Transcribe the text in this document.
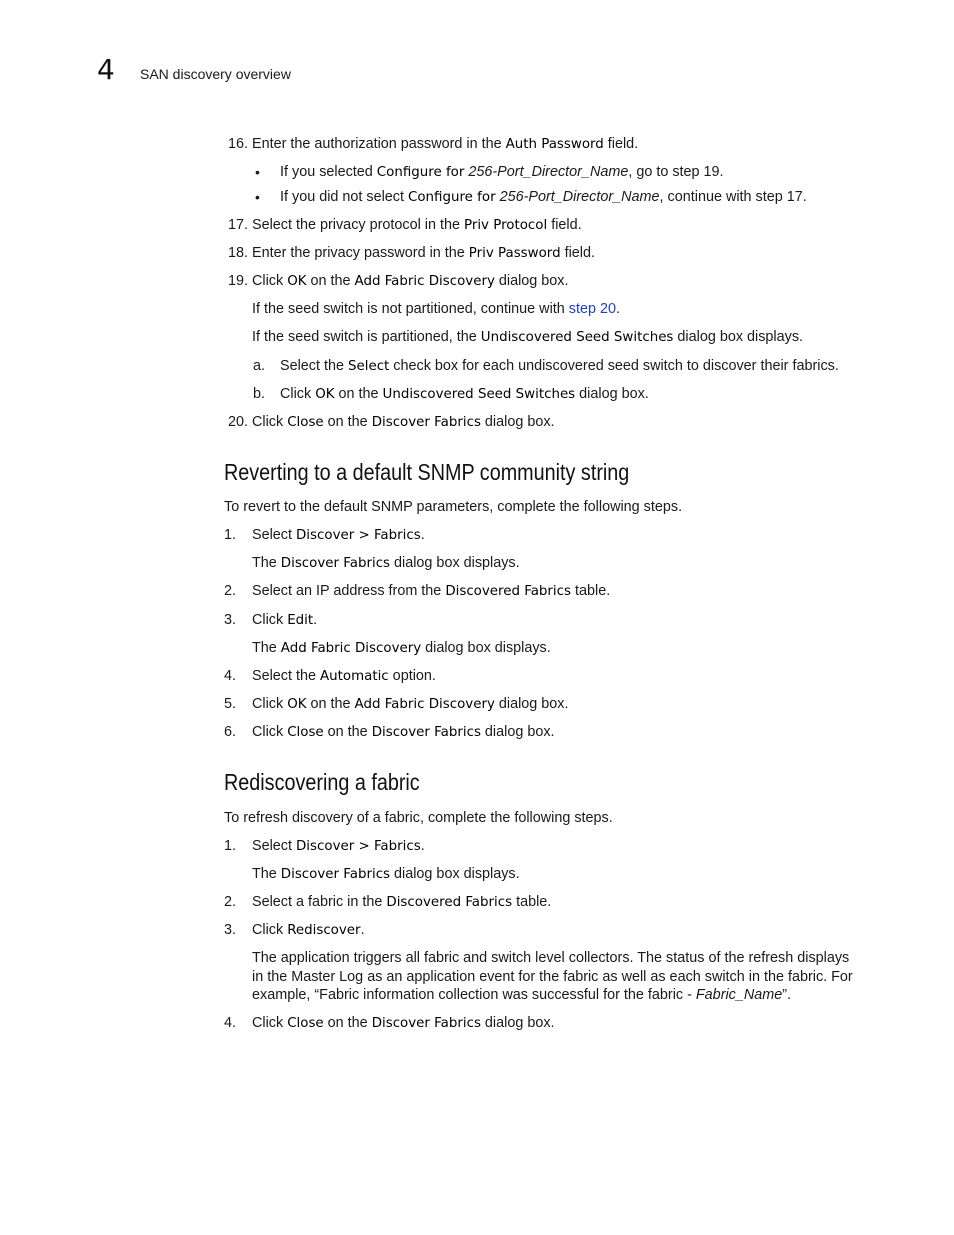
4 SAN discovery overview
16. Enter the authorization password in the Auth Password field.
• If you selected Configure for 256-Port_Director_Name, go to step 19.
• If you did not select Configure for 256-Port_Director_Name, continue with step 17.
17. Select the privacy protocol in the Priv Protocol field.
18. Enter the privacy password in the Priv Password field.
19. Click OK on the Add Fabric Discovery dialog box.
If the seed switch is not partitioned, continue with step 20.
If the seed switch is partitioned, the Undiscovered Seed Switches dialog box displays.
a. Select the Select check box for each undiscovered seed switch to discover their fabrics.
b. Click OK on the Undiscovered Seed Switches dialog box.
20. Click Close on the Discover Fabrics dialog box.
Reverting to a default SNMP community string
To revert to the default SNMP parameters, complete the following steps.
1. Select Discover > Fabrics.
The Discover Fabrics dialog box displays.
2. Select an IP address from the Discovered Fabrics table.
3. Click Edit.
The Add Fabric Discovery dialog box displays.
4. Select the Automatic option.
5. Click OK on the Add Fabric Discovery dialog box.
6. Click Close on the Discover Fabrics dialog box.
Rediscovering a fabric
To refresh discovery of a fabric, complete the following steps.
1. Select Discover > Fabrics.
The Discover Fabrics dialog box displays.
2. Select a fabric in the Discovered Fabrics table.
3. Click Rediscover.
The application triggers all fabric and switch level collectors. The status of the refresh displays
in the Master Log as an application event for the fabric as well as each switch in the fabric. For
example, “Fabric information collection was successful for the fabric - Fabric_Name”.
4. Click Close on the Discover Fabrics dialog box.
